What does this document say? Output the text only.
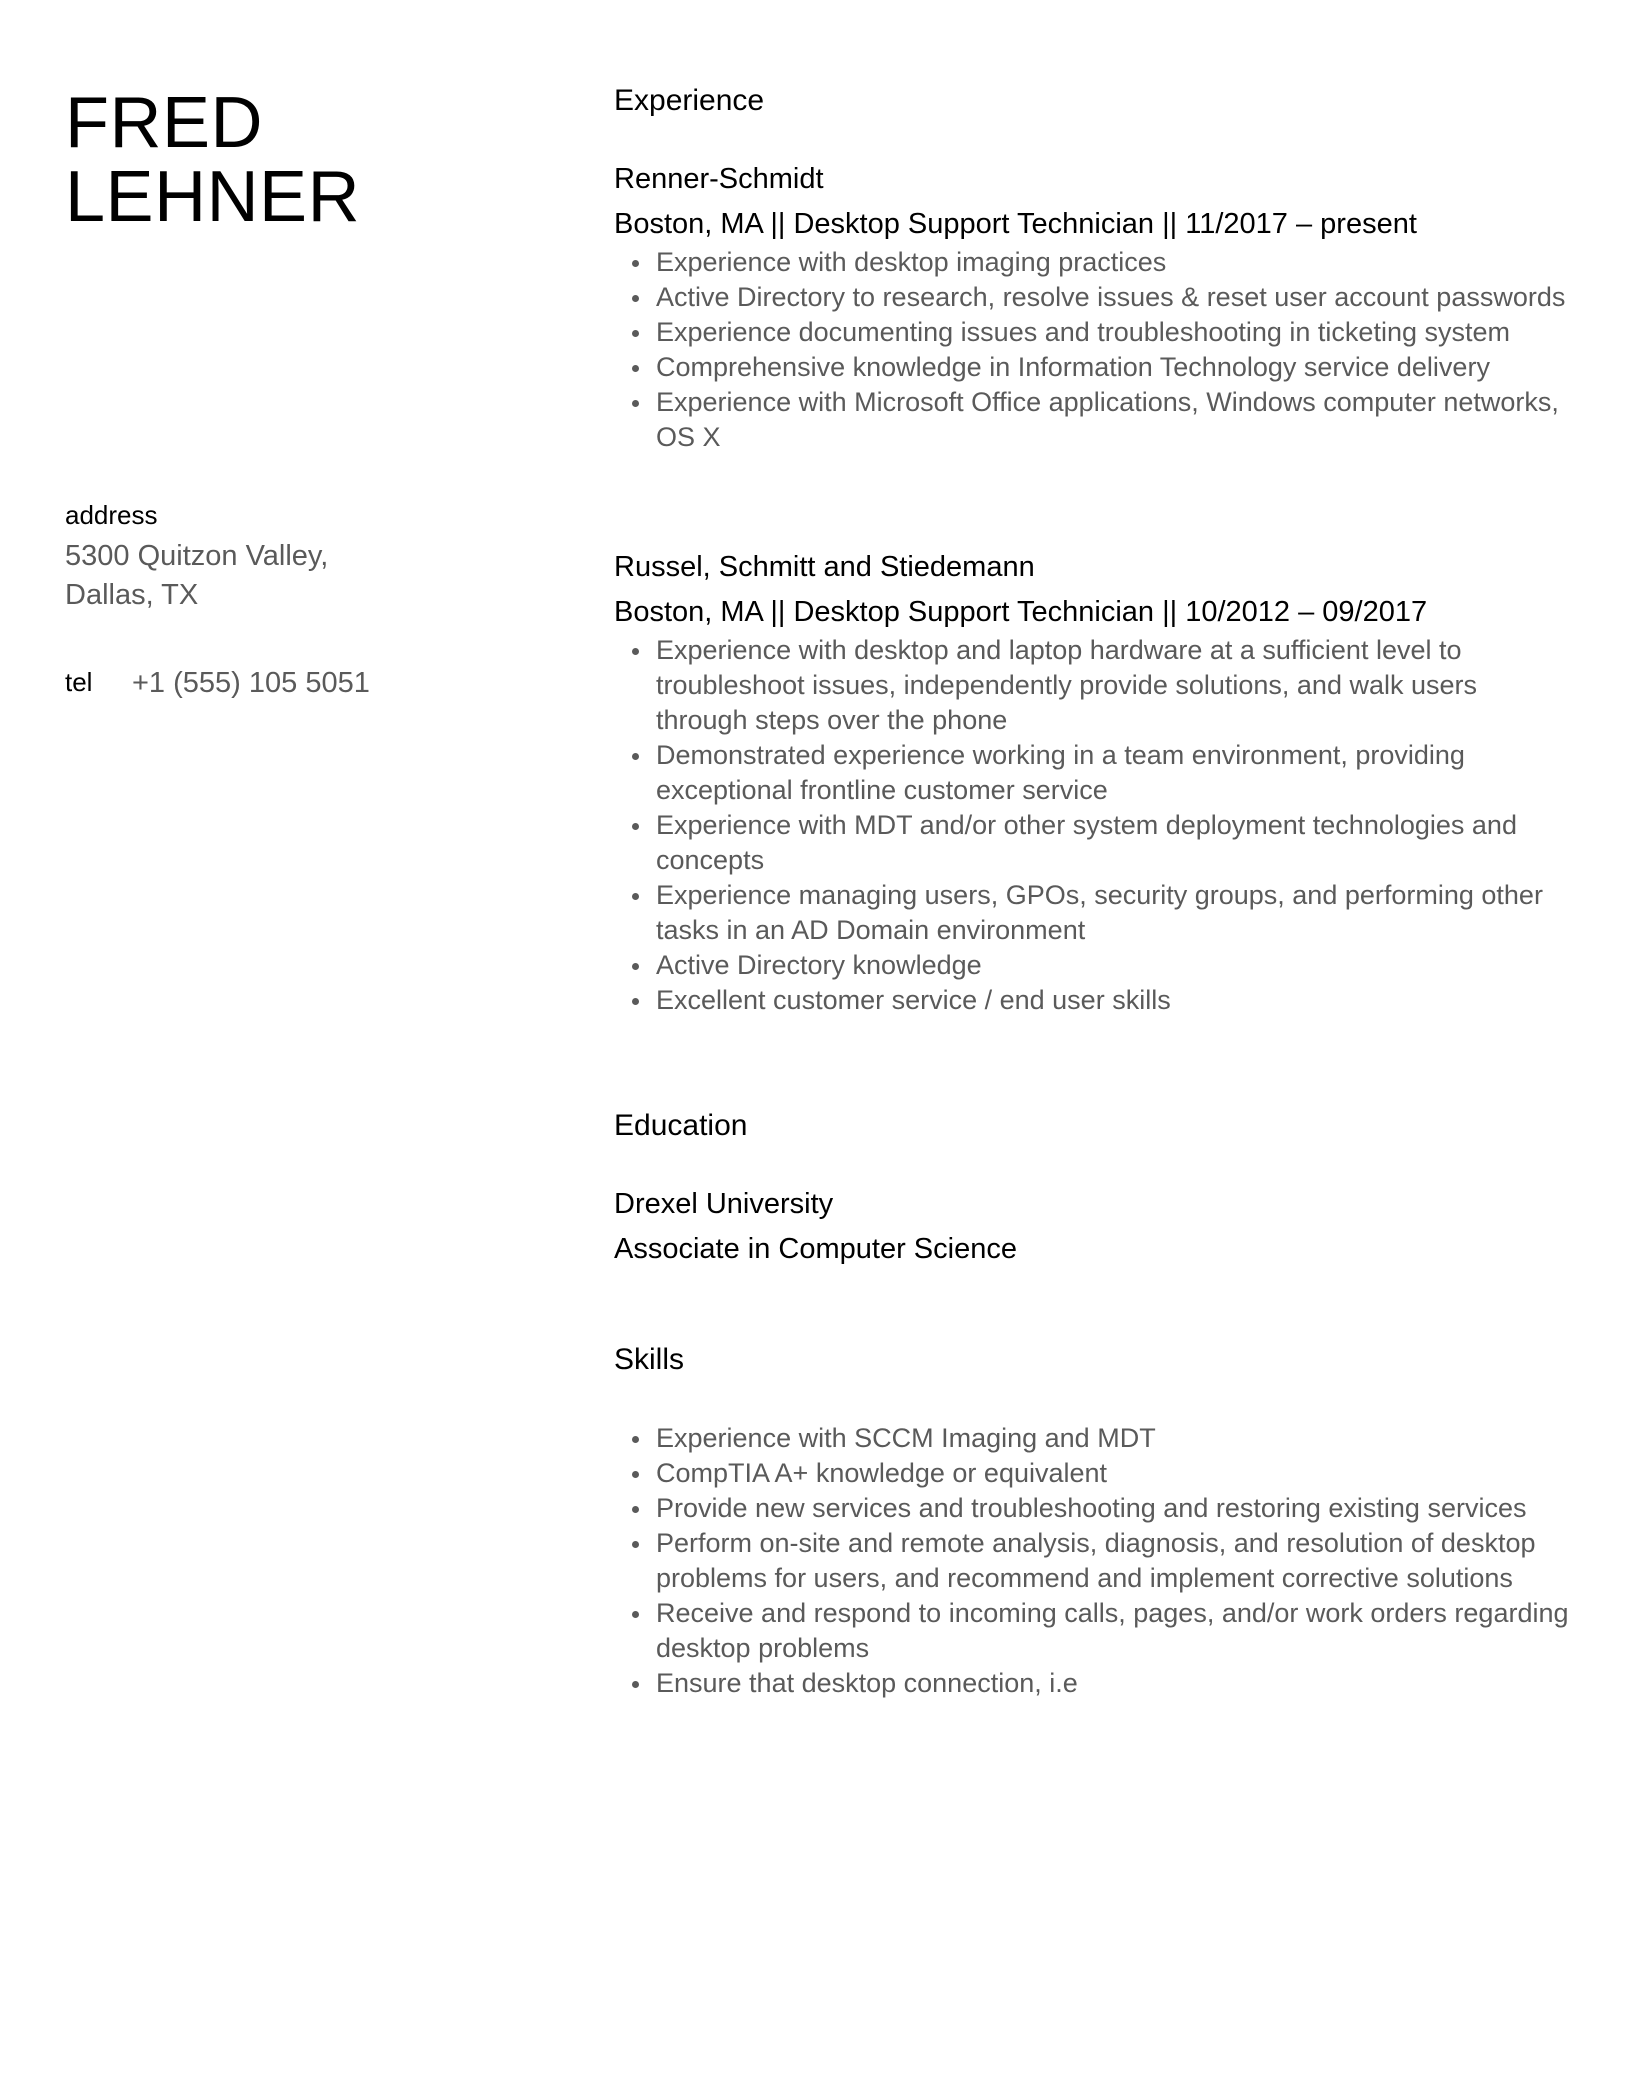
FRED
LEHNER
address
5300 Quitzon Valley,
Dallas, TX
tel +1 (555) 105 5051
Experience
Renner-Schmidt
Boston, MA || Desktop Support Technician || 11/2017 – present
Experience with desktop imaging practices
Active Directory to research, resolve issues & reset user account passwords
Experience documenting issues and troubleshooting in ticketing system
Comprehensive knowledge in Information Technology service delivery
Experience with Microsoft Office applications, Windows computer networks, OS X
Russel, Schmitt and Stiedemann
Boston, MA || Desktop Support Technician || 10/2012 – 09/2017
Experience with desktop and laptop hardware at a sufficient level to troubleshoot issues, independently provide solutions, and walk users through steps over the phone
Demonstrated experience working in a team environment, providing exceptional frontline customer service
Experience with MDT and/or other system deployment technologies and concepts
Experience managing users, GPOs, security groups, and performing other tasks in an AD Domain environment
Active Directory knowledge
Excellent customer service / end user skills
Education
Drexel University
Associate in Computer Science
Skills
Experience with SCCM Imaging and MDT
CompTIA A+ knowledge or equivalent
Provide new services and troubleshooting and restoring existing services
Perform on-site and remote analysis, diagnosis, and resolution of desktop problems for users, and recommend and implement corrective solutions
Receive and respond to incoming calls, pages, and/or work orders regarding desktop problems
Ensure that desktop connection, i.e
